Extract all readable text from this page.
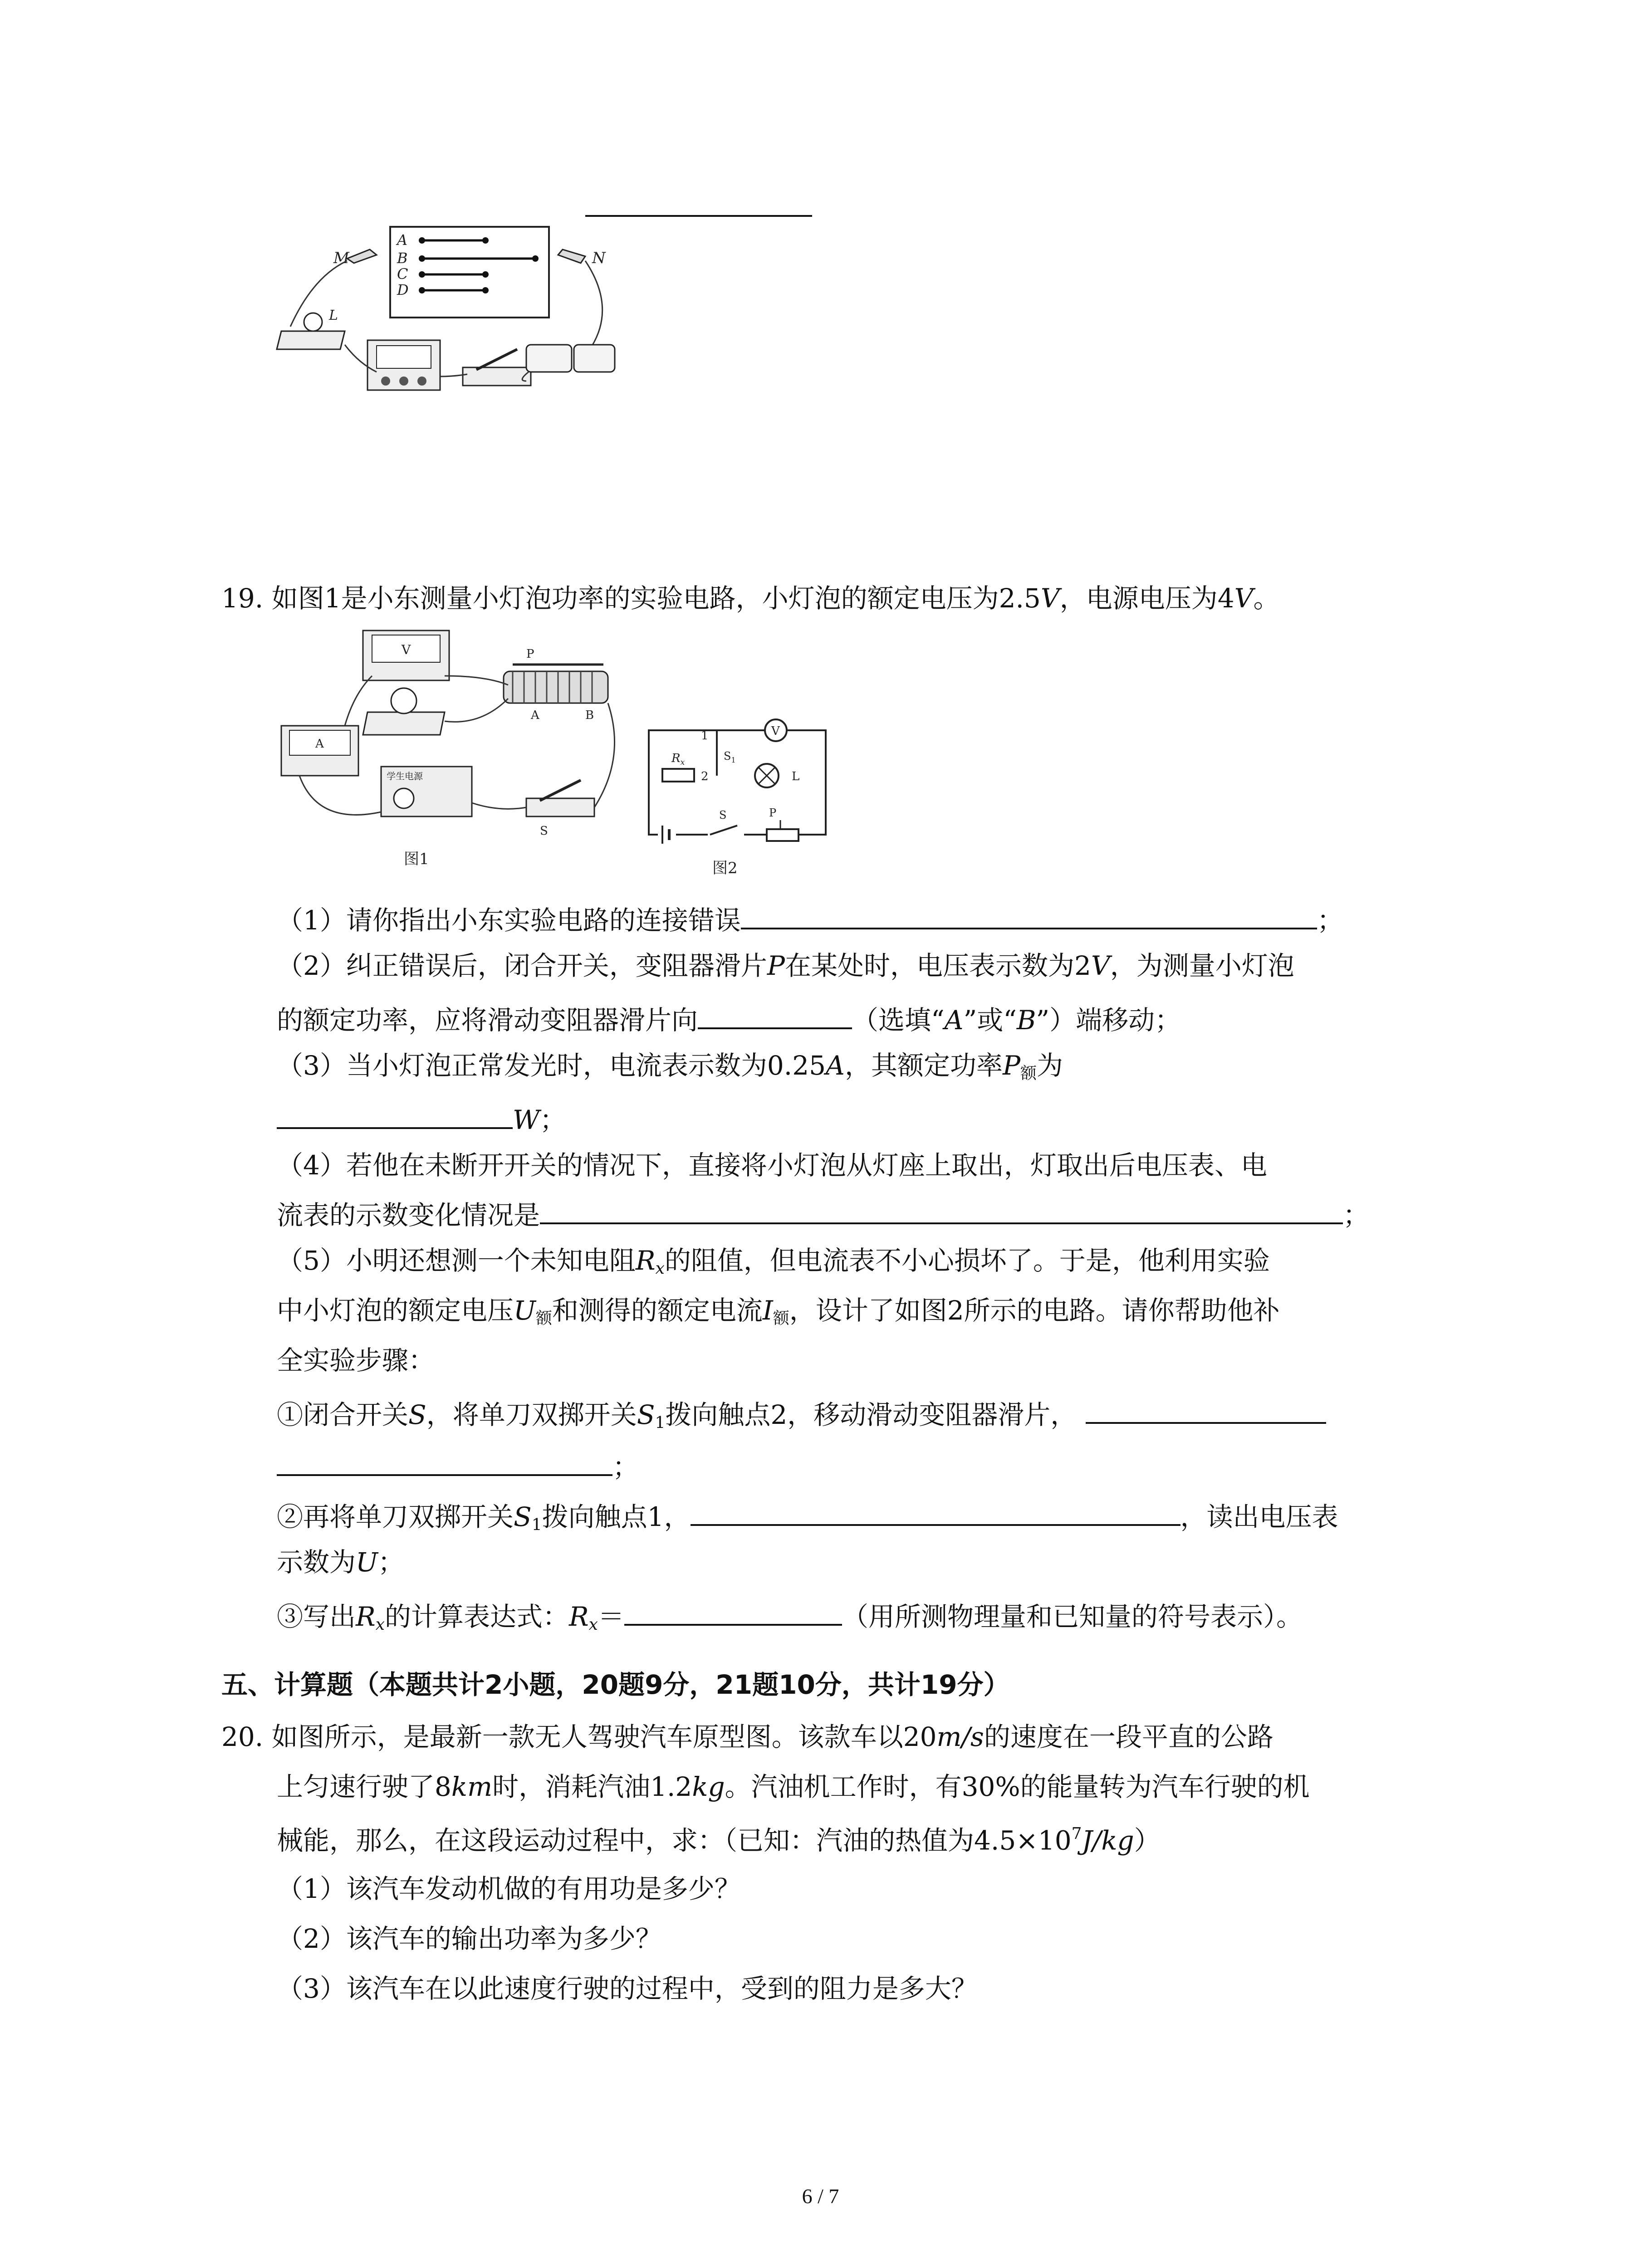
A
B
C
D
M	N
L
19. 如图1是小东测量小灯泡功率的实验电路，小灯泡的额定电压为2.5V，电源电压为4V。
V	P
A	B
A
学生电源
S
图1
$R_x$
1
2
$S_1$
V
L
S	P
图2
（1）请你指出小东实验电路的连接错误	；
（2）纠正错误后，闭合开关，变阻器滑片P在某处时，电压表示数为2V，为测量小灯泡
的额定功率，应将滑动变阻器滑片向	（选填“A”或“B”）端移动；
（3）当小灯泡正常发光时，电流表示数为0.25A，其额定功率$P_额$为
W；
（4）若他在未断开开关的情况下，直接将小灯泡从灯座上取出，灯取出后电压表、电
流表的示数变化情况是	；
（5）小明还想测一个未知电阻$R_x$的阻值，但电流表不小心损坏了。于是，他利用实验
中小灯泡的额定电压$U_额$和测得的额定电流$I_额$，设计了如图2所示的电路。请你帮助他补
全实验步骤：
①闭合开关S，将单刀双掷开关$S_1$拨向触点2，移动滑动变阻器滑片，
；
②再将单刀双掷开关$S_1$拨向触点1，	，读出电压表
示数为U；
③写出$R_x$的计算表达式：$R_x=$	（用所测物理量和已知量的符号表示）。
五、计算题（本题共计2小题，20题9分，21题10分，共计19分）
20. 如图所示，是最新一款无人驾驶汽车原型图。该款车以20m/s的速度在一段平直的公路
上匀速行驶了8km时，消耗汽油1.2kg。汽油机工作时，有30%的能量转为汽车行驶的机
械能，那么，在这段运动过程中，求：（已知：汽油的热值为$4.5\times 10^7J/kg$）
（1）该汽车发动机做的有用功是多少？
（2）该汽车的输出功率为多少？
（3）该汽车在以此速度行驶的过程中，受到的阻力是多大？
6 / 7
